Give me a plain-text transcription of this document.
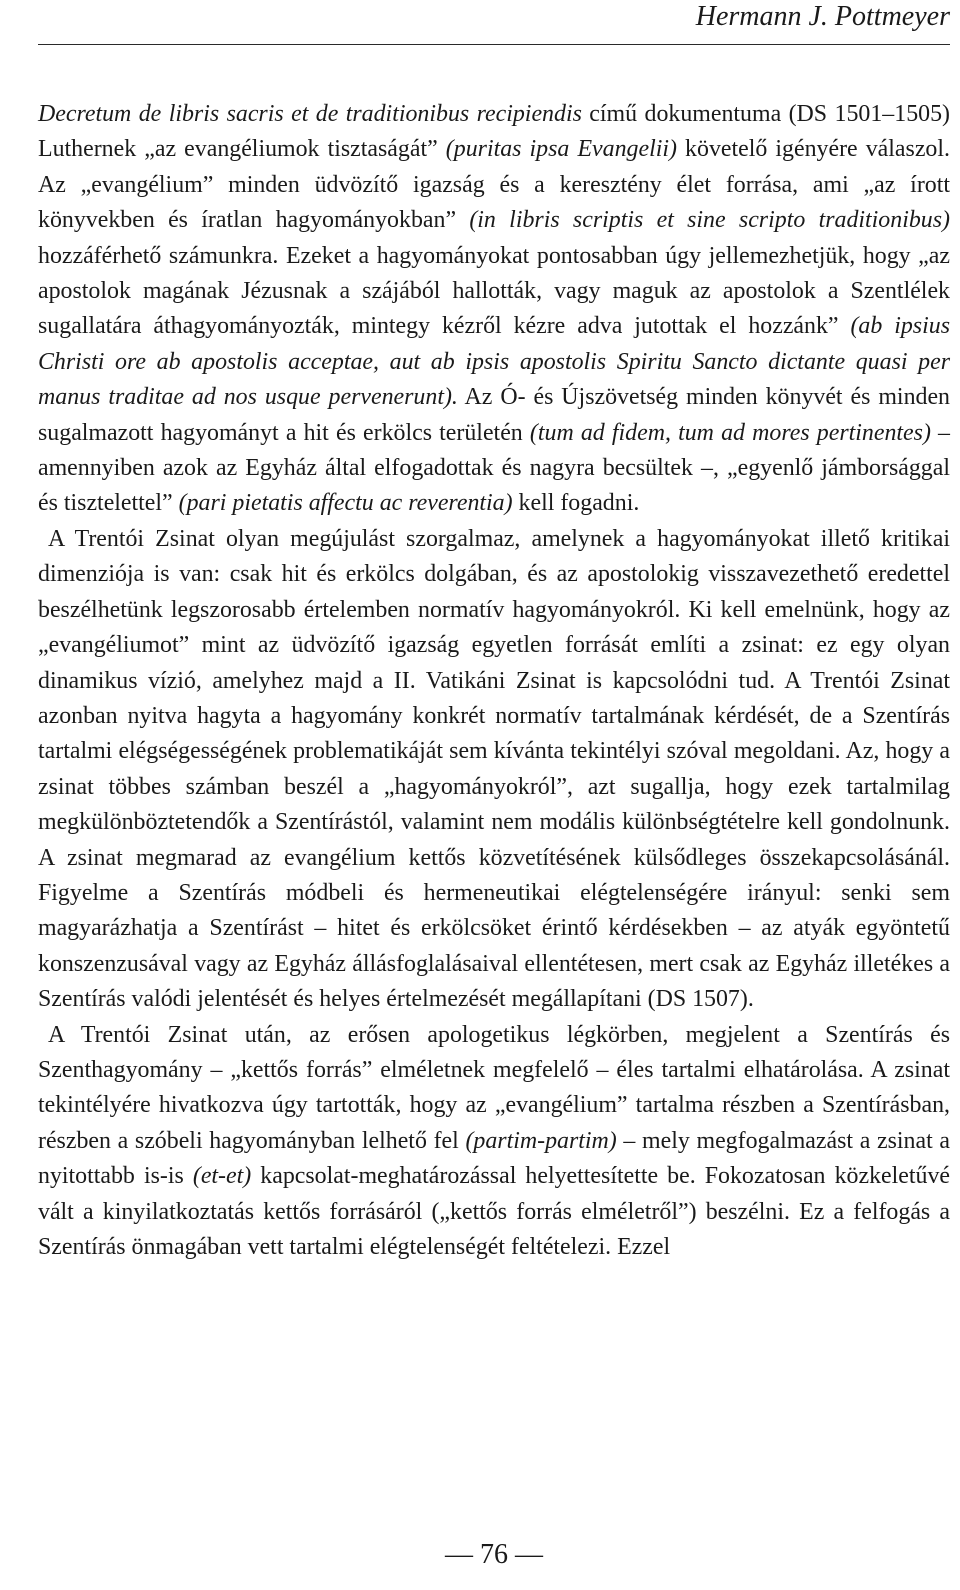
Hermann J. Pottmeyer

Decretum de libris sacris et de traditionibus recipiendis című dokumentuma (DS 1501–1505) Luthernek „az evangéliumok tisztaságát” (puritas ipsa Evangelii) követelő igényére válaszol. Az „evangélium” minden üdvözítő igazság és a keresztény élet forrása, ami „az írott könyvekben és íratlan hagyományokban” (in libris scriptis et sine scripto traditionibus) hozzáférhető számunkra. Ezeket a hagyományokat pontosabban úgy jellemezhetjük, hogy „az apostolok magának Jézusnak a szájából hallották, vagy maguk az apostolok a Szentlélek sugallatára áthagyományozták, mintegy kézről kézre adva jutottak el hozzánk” (ab ipsius Christi ore ab apostolis acceptae, aut ab ipsis apostolis Spiritu Sancto dictante quasi per manus traditae ad nos usque pervenerunt). Az Ó- és Újszövetség minden könyvét és minden sugalmazott hagyományt a hit és erkölcs területén (tum ad fidem, tum ad mores pertinentes) – amennyiben azok az Egyház által elfogadottak és nagyra becsültek –, „egyenlő jámborsággal és tisztelettel” (pari pietatis affectu ac reverentia) kell fogadni.

A Trentói Zsinat olyan megújulást szorgalmaz, amelynek a hagyományokat illető kritikai dimenziója is van: csak hit és erkölcs dolgában, és az apostolokig visszavezethető eredettel beszélhetünk legszorosabb értelemben normatív hagyományokról. Ki kell emelnünk, hogy az „evangéliumot” mint az üdvözítő igazság egyetlen forrását említi a zsinat: ez egy olyan dinamikus vízió, amelyhez majd a II. Vatikáni Zsinat is kapcsolódni tud. A Trentói Zsinat azonban nyitva hagyta a hagyomány konkrét normatív tartalmának kérdését, de a Szentírás tartalmi elégségességének problematikáját sem kívánta tekintélyi szóval megoldani. Az, hogy a zsinat többes számban beszél a „hagyományokról”, azt sugallja, hogy ezek tartalmilag megkülönböztetendők a Szentírástól, valamint nem modális különbségtételre kell gondolnunk. A zsinat megmarad az evangélium kettős közvetítésének külsődleges összekapcsolásánál. Figyelme a Szentírás módbeli és hermeneutikai elégtelenségére irányul: senki sem magyarázhatja a Szentírást – hitet és erkölcsöket érintő kérdésekben – az atyák egyöntetű konszenzusával vagy az Egyház állásfoglalásaival ellentétesen, mert csak az Egyház illetékes a Szentírás valódi jelentését és helyes értelmezését megállapítani (DS 1507).

A Trentói Zsinat után, az erősen apologetikus légkörben, megjelent a Szentírás és Szenthagyomány – „kettős forrás” elméletnek megfelelő – éles tartalmi elhatárolása. A zsinat tekintélyére hivatkozva úgy tartották, hogy az „evangélium” tartalma részben a Szentírásban, részben a szóbeli hagyományban lelhető fel (partim-partim) – mely megfogalmazást a zsinat a nyitottabb is-is (et-et) kapcsolat-meghatározással helyettesítette be. Fokozatosan közkeletűvé vált a kinyilatkoztatás kettős forrásáról („kettős forrás elméletről”) beszélni. Ez a felfogás a Szentírás önmagában vett tartalmi elégtelenségét feltételezi. Ezzel

— 76 —
